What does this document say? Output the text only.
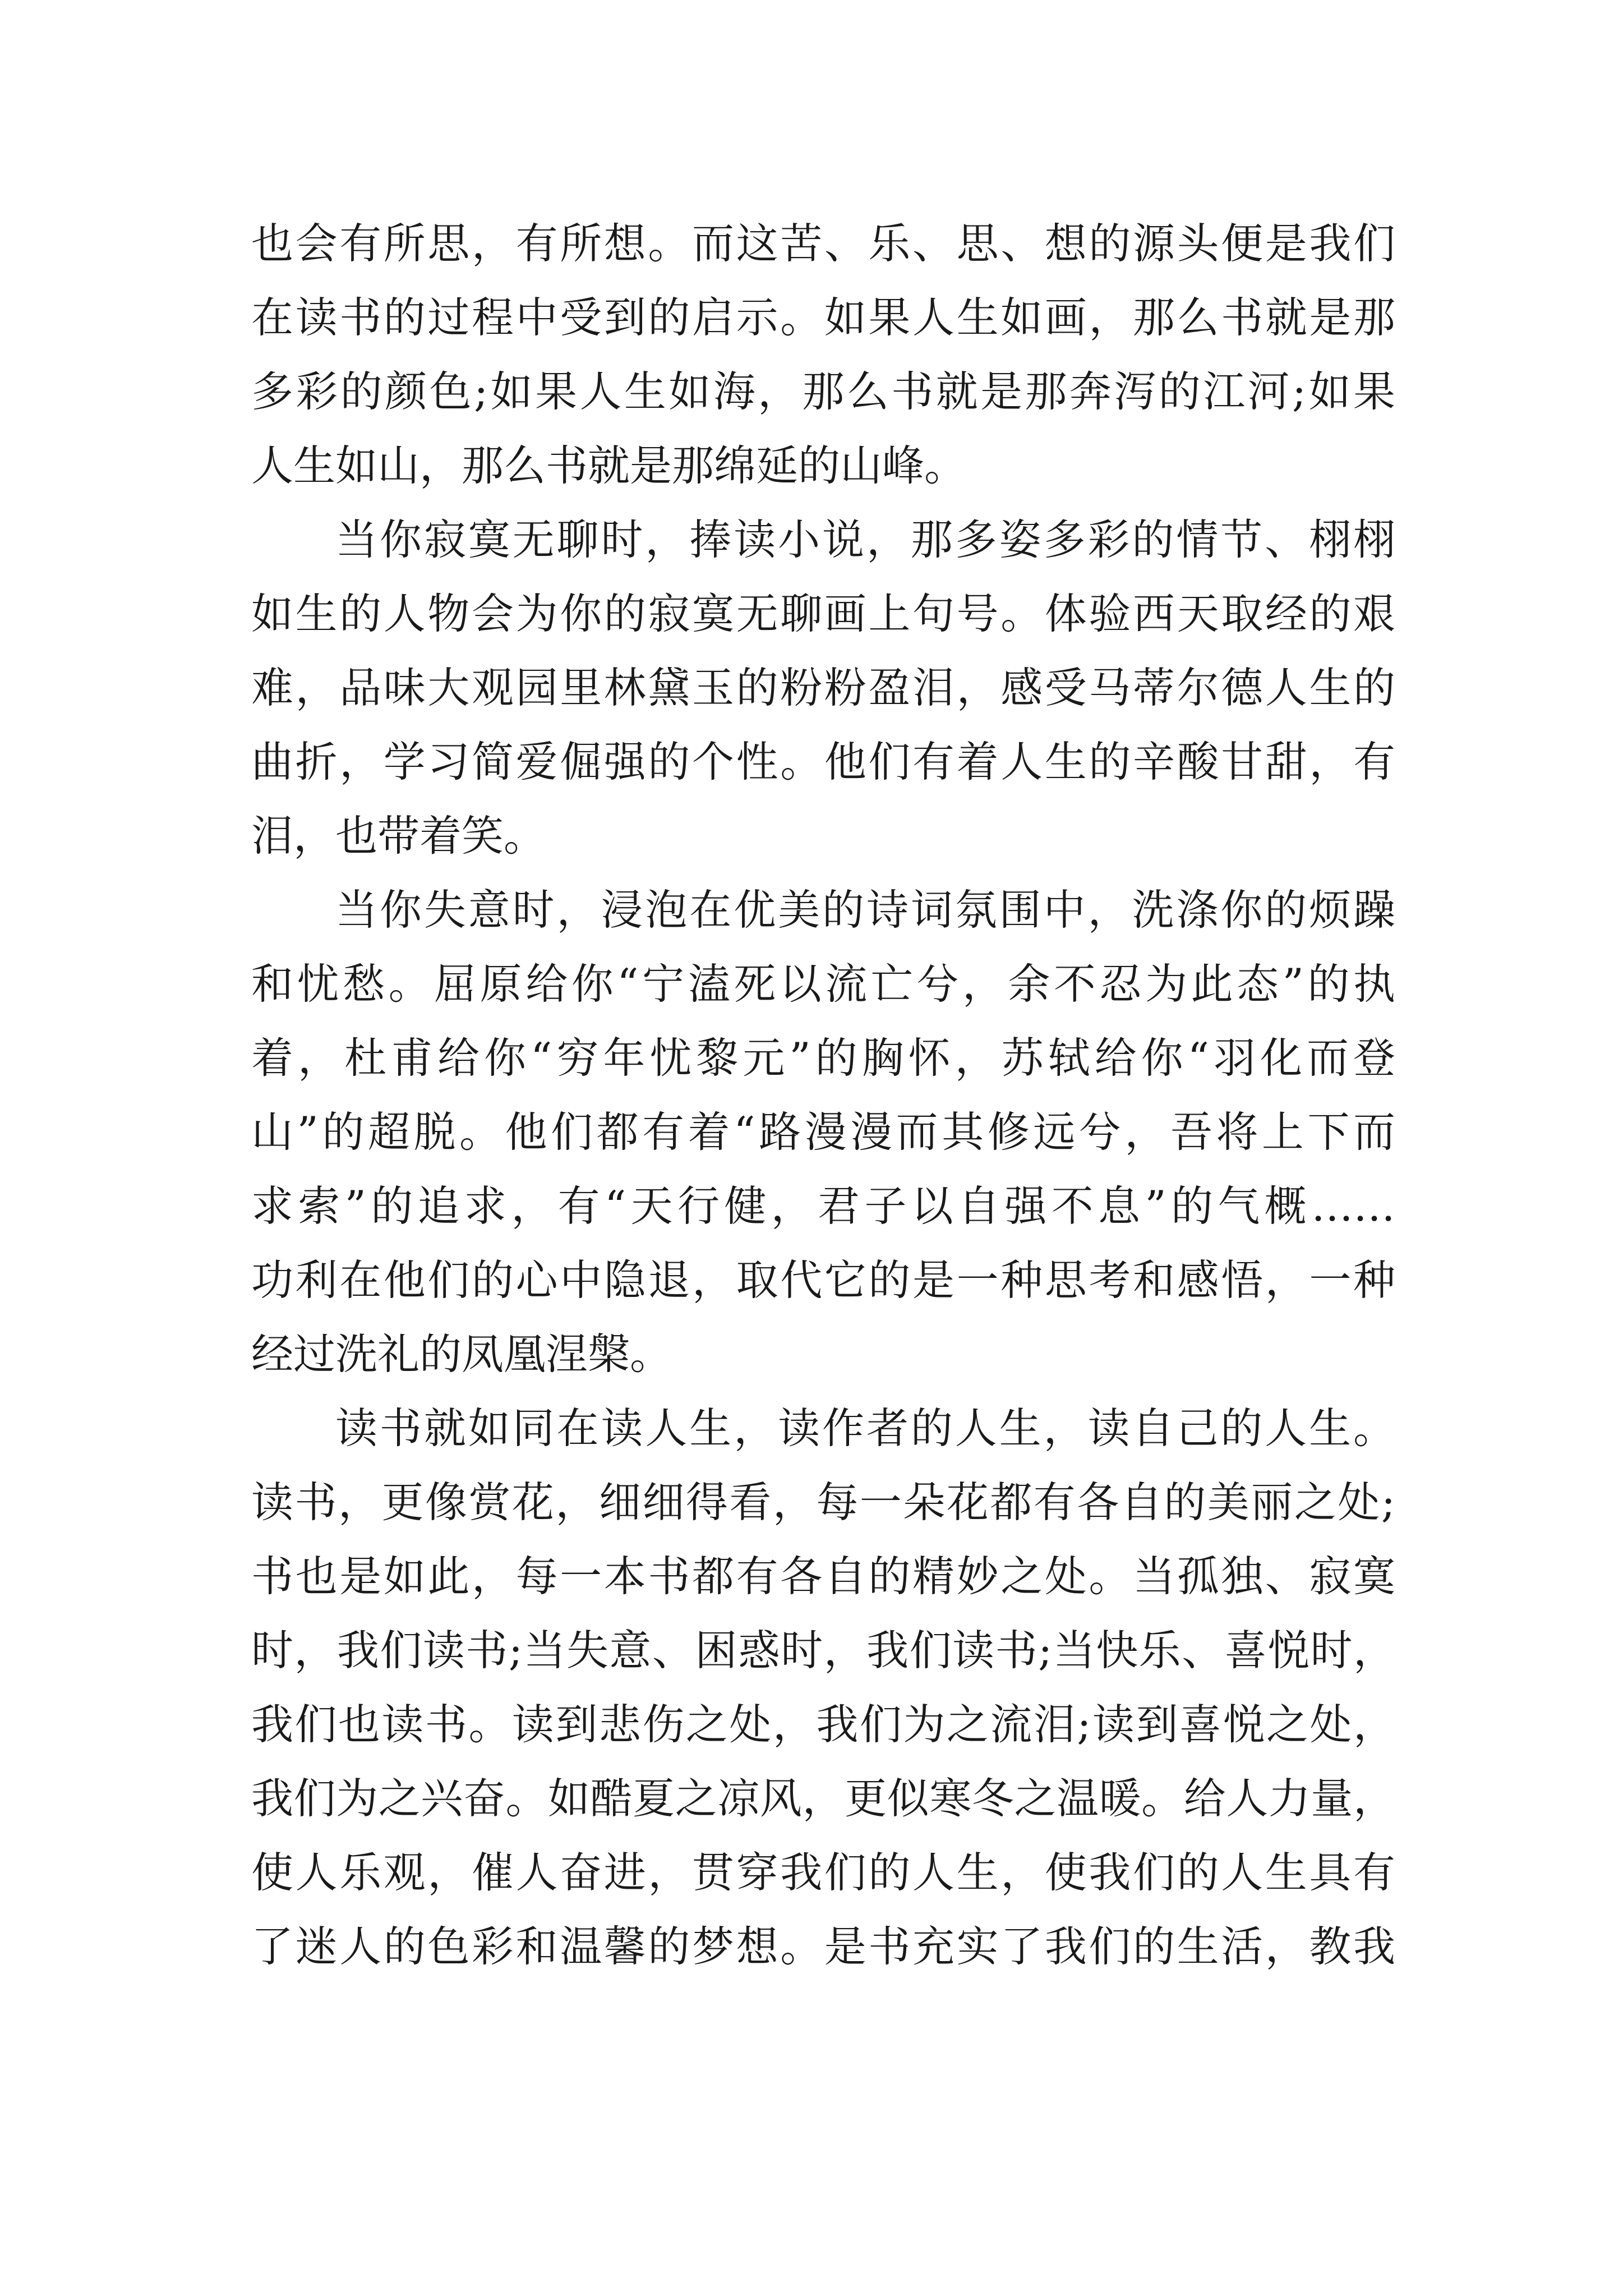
也会有所思，有所想。而这苦、乐、思、想的源头便是我们
在读书的过程中受到的启示。如果人生如画，那么书就是那
多彩的颜色;如果人生如海，那么书就是那奔泻的江河;如果
人生如山，那么书就是那绵延的山峰。
当你寂寞无聊时，捧读小说，那多姿多彩的情节、栩栩
如生的人物会为你的寂寞无聊画上句号。体验西天取经的艰
难，品味大观园里林黛玉的粉粉盈泪，感受马蒂尔德人生的
曲折，学习简爱倔强的个性。他们有着人生的辛酸甘甜，有
泪，也带着笑。
当你失意时，浸泡在优美的诗词氛围中，洗涤你的烦躁
和忧愁。屈原给你“宁溘死以流亡兮，余不忍为此态”的执
着，杜甫给你“穷年忧黎元”的胸怀，苏轼给你“羽化而登
山”的超脱。他们都有着“路漫漫而其修远兮，吾将上下而
求索”的追求，有“天行健，君子以自强不息”的气概……
功利在他们的心中隐退，取代它的是一种思考和感悟，一种
经过洗礼的凤凰涅槃。
读书就如同在读人生，读作者的人生，读自己的人生。
读书，更像赏花，细细得看，每一朵花都有各自的美丽之处;
书也是如此，每一本书都有各自的精妙之处。当孤独、寂寞
时，我们读书;当失意、困惑时，我们读书;当快乐、喜悦时，
我们也读书。读到悲伤之处，我们为之流泪;读到喜悦之处，
我们为之兴奋。如酷夏之凉风，更似寒冬之温暖。给人力量，
使人乐观，催人奋进，贯穿我们的人生，使我们的人生具有
了迷人的色彩和温馨的梦想。是书充实了我们的生活，教我
